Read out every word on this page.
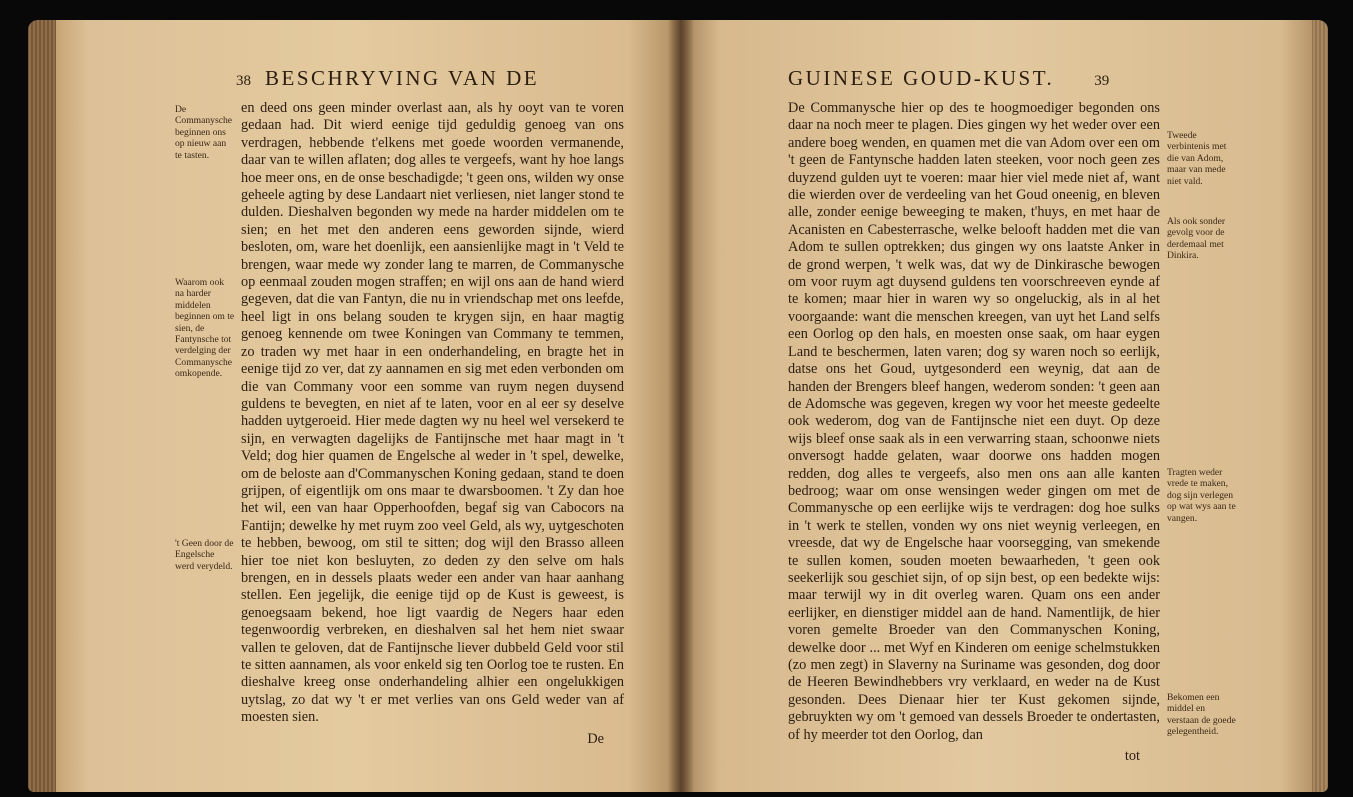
38 BESCHRYVING VAN DE
De Commanysche beginnen ons op nieuw aan te tasten.
Waarom ook na harder middelen beginnen om te sien, de Fantynsche tot verdelging der Commanysche omkopende.
't Geen door de Engelsche werd verydeld.

en deed ons geen minder overlast aan, als hy ooyt van te voren gedaan had. Dit wierd eenige tijd geduldig genoeg van ons verdragen, hebbende t'elkens met goede woorden vermanende, daar van te willen aflaten; dog alles te vergeefs, want hy hoe langs hoe meer ons, en de onse beschadigde; 't geen ons, wilden wy onse geheele agting by dese Landaart niet verliesen, niet langer stond te dulden. Dieshalven begonden wy mede na harder middelen om te sien; en het met den anderen eens geworden sijnde, wierd besloten, om, ware het doenlijk, een aansienlijke magt in 't Veld te brengen, waar mede wy zonder lang te marren, de Commanysche op eenmaal zouden mogen straffen; en wijl ons aan de hand wierd gegeven, dat die van Fantyn, die nu in vriendschap met ons leefde, heel ligt in ons belang souden te krygen sijn, en haar magtig genoeg kennende om twee Koningen van Commany te temmen, zo traden wy met haar in een onderhandeling, en bragte het in eenige tijd zo ver, dat zy aannamen en sig met eden verbonden om die van Commany voor een somme van ruym negen duysend guldens te bevegten, en niet af te laten, voor en al eer sy deselve hadden uytgeroeid. Hier mede dagten wy nu heel wel versekerd te sijn, en verwagten dagelijks de Fantijnsche met haar magt in 't Veld; dog hier quamen de Engelsche al weder in 't spel, dewelke, om de beloste aan d'Commanyschen Koning gedaan, stand te doen grijpen, of eigentlijk om ons maar te dwarsboomen. 't Zy dan hoe het wil, een van haar Opperhoofden, begaf sig van Cabocors na Fantijn; dewelke hy met ruym zoo veel Geld, als wy, uytgeschoten te hebben, bewoog, om stil te sitten; dog wijl den Brasso alleen hier toe niet kon besluyten, zo deden zy den selve om hals brengen, en in dessels plaats weder een ander van haar aanhang stellen. Een jegelijk, die eenige tijd op de Kust is geweest, is genoegsaam bekend, hoe ligt vaardig de Negers haar eden tegenwoordig verbreken, en dieshalven sal het hem niet swaar vallen te geloven, dat de Fantijnsche liever dubbeld Geld voor stil te sitten aannamen, als voor enkeld sig ten Oorlog toe te rusten. En dieshalve kreeg onse onderhandeling alhier een ongelukkigen uytslag, zo dat wy 't er met verlies van ons Geld weder van af moesten sien.

De

GUINESE GOUD-KUST.	39
Tweede verbintenis met die van Adom, maar van mede niet vald.
Als ook sonder gevolg voor de derdemaal met Dinkira.
Tragten weder vrede te maken, dog sijn verlegen op wat wys aan te vangen.
Bekomen een middel en verstaan de goede gelegentheid.

De Commanysche hier op des te hoogmoediger begonden ons daar na noch meer te plagen. Dies gingen wy het weder over een andere boeg wenden, en quamen met die van Adom over een om 't geen de Fantynsche hadden laten steeken, voor noch geen zes duyzend gulden uyt te voeren: maar hier viel mede niet af, want die wierden over de verdeeling van het Goud oneenig, en bleven alle, zonder eenige beweeging te maken, t'huys, en met haar de Acanisten en Cabesterrasche, welke belooft hadden met die van Adom te sullen optrekken; dus gingen wy ons laatste Anker in de grond werpen, 't welk was, dat wy de Dinkirasche bewogen om voor ruym agt duysend guldens ten voorschreeven eynde af te komen; maar hier in waren wy so ongeluckig, als in al het voorgaande: want die menschen kreegen, van uyt het Land selfs een Oorlog op den hals, en moesten onse saak, om haar eygen Land te beschermen, laten varen; dog sy waren noch so eerlijk, datse ons het Goud, uytgesonderd een weynig, dat aan de handen der Brengers bleef hangen, wederom sonden: 't geen aan de Adomsche was gegeven, kregen wy voor het meeste gedeelte ook wederom, dog van de Fantijnsche niet een duyt. Op deze wijs bleef onse saak als in een verwarring staan, schoonwe niets onversogt hadde gelaten, waar doorwe ons hadden mogen redden, dog alles te vergeefs, also men ons aan alle kanten bedroog; waar om onse wensingen weder gingen om met de Commanysche op een eerlijke wijs te verdragen: dog hoe sulks in 't werk te stellen, vonden wy ons niet weynig verleegen, en vreesde, dat wy de Engelsche haar voorsegging, van smekende te sullen komen, souden moeten bewaarheden, 't geen ook seekerlijk sou geschiet sijn, of op sijn best, op een bedekte wijs: maar terwijl wy in dit overleg waren. Quam ons een ander eerlijker, en dienstiger middel aan de hand. Namentlijk, de hier voren gemelte Broeder van den Commanyschen Koning, dewelke door ... met Wyf en Kinderen om eenige schelmstukken (zo men zegt) in Slaverny na Suriname was gesonden, dog door de Heeren Bewindhebbers vry verklaard, en weder na de Kust gesonden. Dees Dienaar hier ter Kust gekomen sijnde, gebruykten wy om 't gemoed van dessels Broeder te ondertasten, of hy meerder tot den Oorlog, dan

tot
